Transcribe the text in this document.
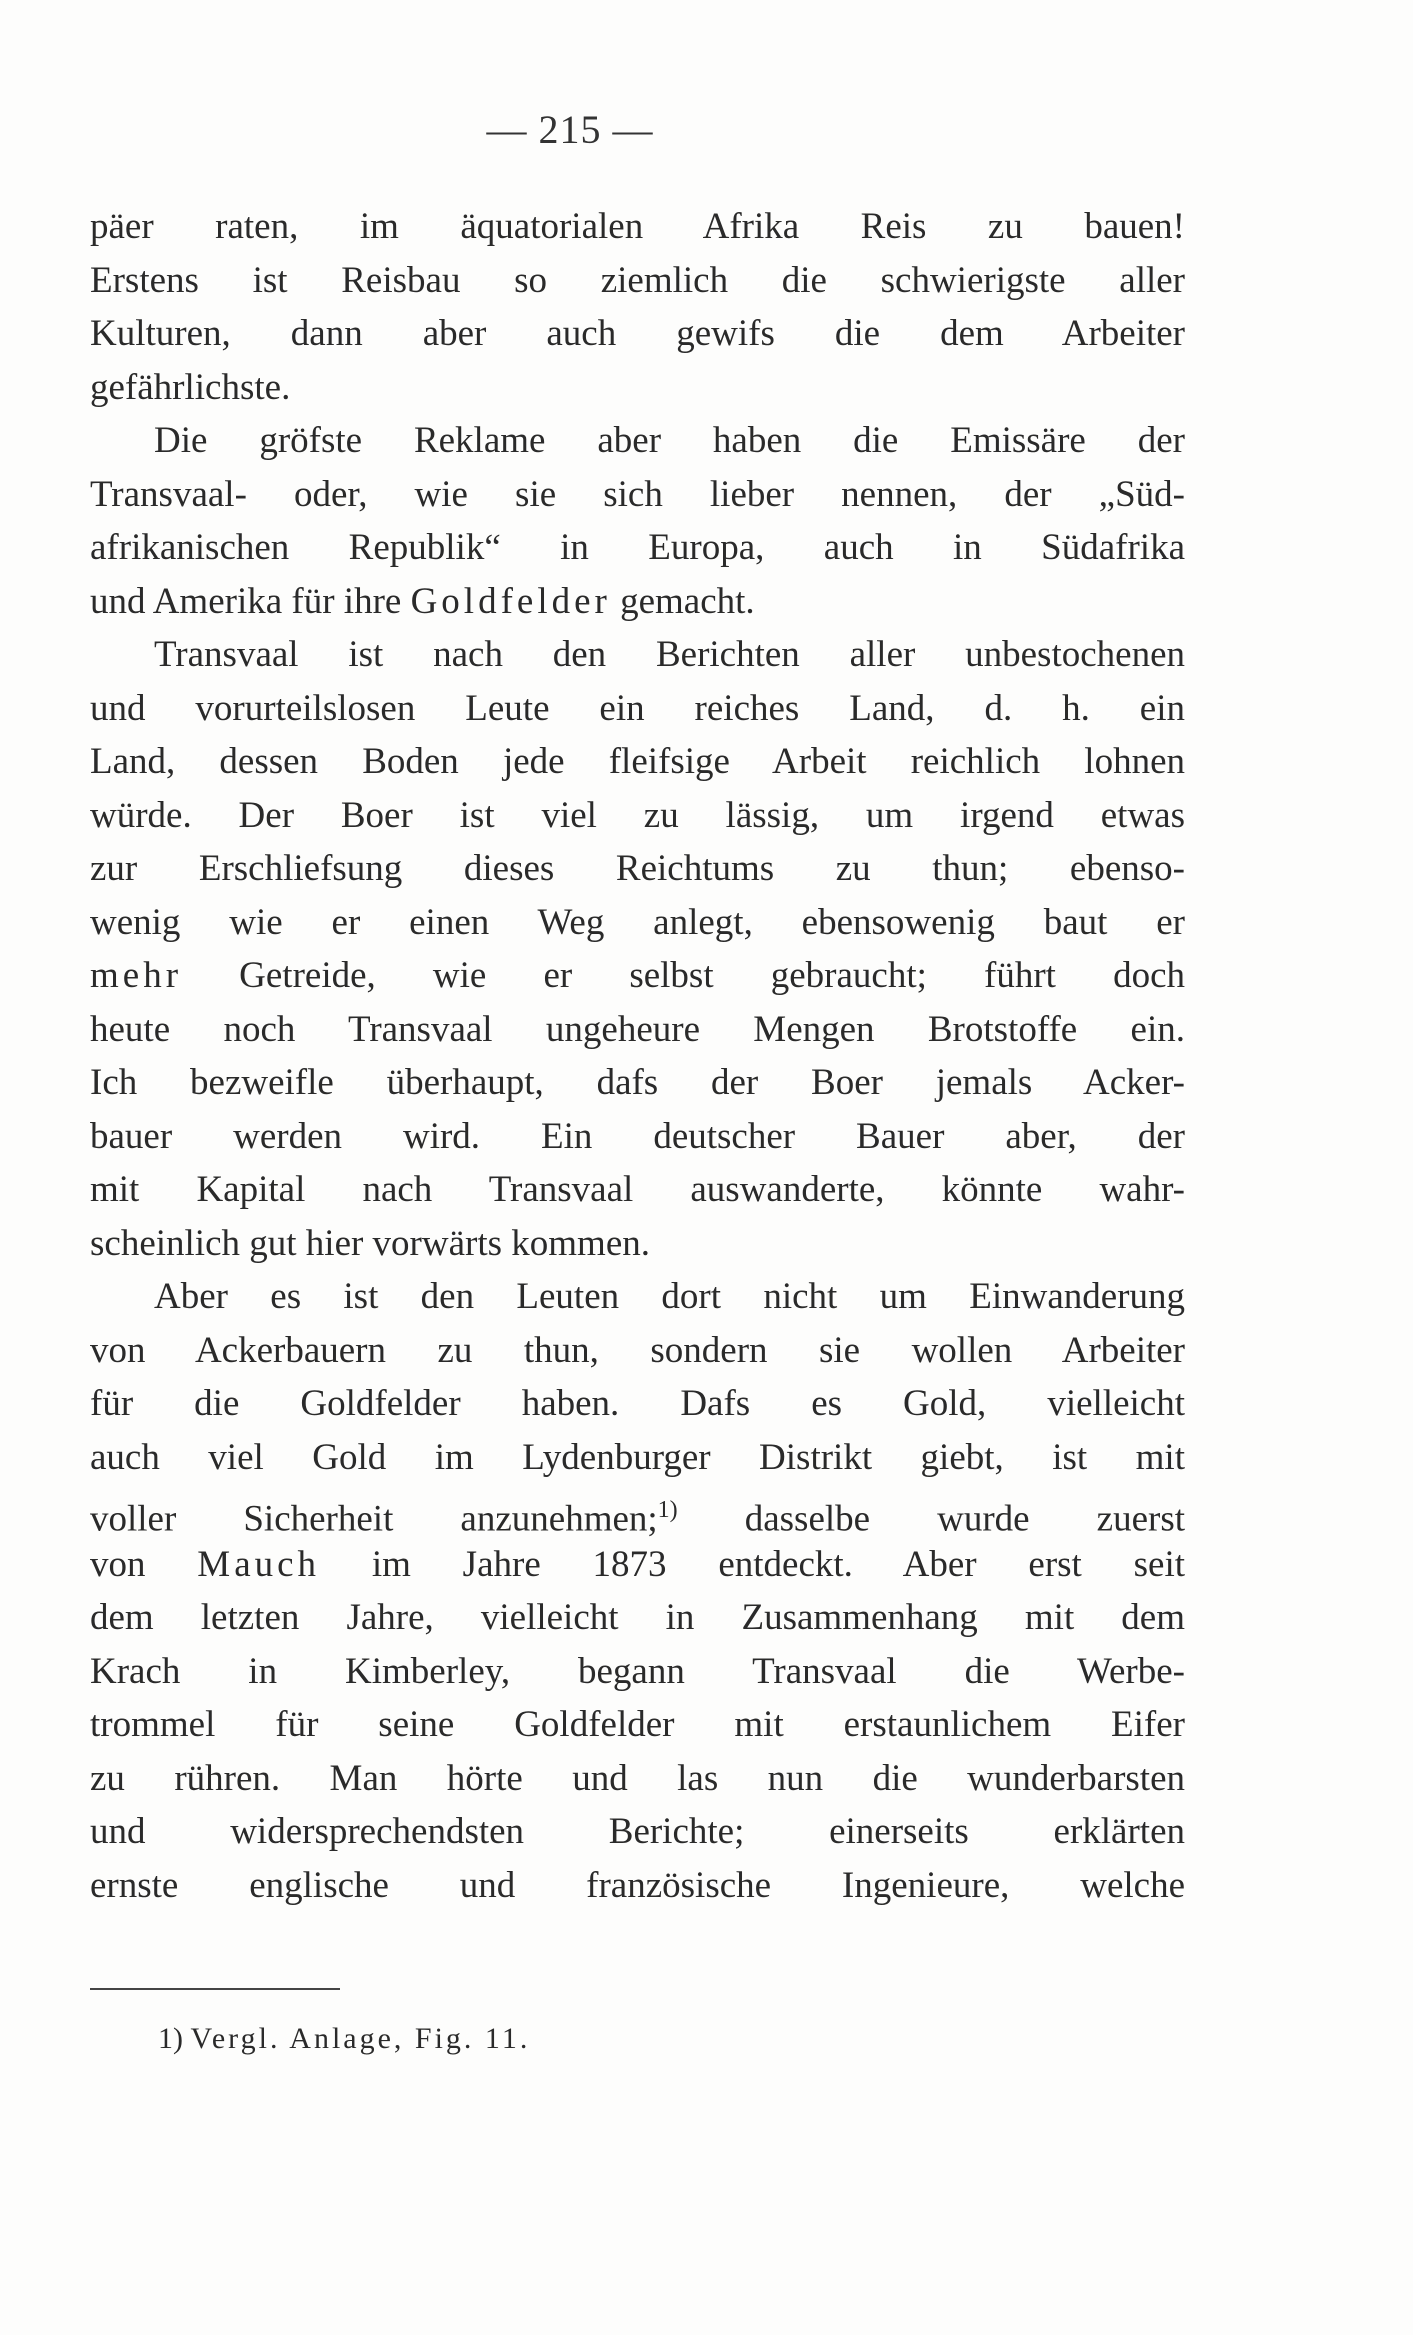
— 215 —
päer raten, im äquatorialen Afrika Reis zu bauen!
Erstens ist Reisbau so ziemlich die schwierigste aller
Kulturen, dann aber auch gewifs die dem Arbeiter
gefährlichste.
Die gröfste Reklame aber haben die Emissäre der
Transvaal- oder, wie sie sich lieber nennen, der „Süd-
afrikanischen Republik“ in Europa, auch in Südafrika
und Amerika für ihre Goldfelder gemacht.
Transvaal ist nach den Berichten aller unbestochenen
und vorurteilslosen Leute ein reiches Land, d. h. ein
Land, dessen Boden jede fleifsige Arbeit reichlich lohnen
würde. Der Boer ist viel zu lässig, um irgend etwas
zur Erschliefsung dieses Reichtums zu thun; ebenso-
wenig wie er einen Weg anlegt, ebensowenig baut er
mehr Getreide, wie er selbst gebraucht; führt doch
heute noch Transvaal ungeheure Mengen Brotstoffe ein.
Ich bezweifle überhaupt, dafs der Boer jemals Acker-
bauer werden wird. Ein deutscher Bauer aber, der
mit Kapital nach Transvaal auswanderte, könnte wahr-
scheinlich gut hier vorwärts kommen.
Aber es ist den Leuten dort nicht um Einwanderung
von Ackerbauern zu thun, sondern sie wollen Arbeiter
für die Goldfelder haben. Dafs es Gold, vielleicht
auch viel Gold im Lydenburger Distrikt giebt, ist mit
voller Sicherheit anzunehmen;$^{1)}$ dasselbe wurde zuerst
von Mauch im Jahre 1873 entdeckt. Aber erst seit
dem letzten Jahre, vielleicht in Zusammenhang mit dem
Krach in Kimberley, begann Transvaal die Werbe-
trommel für seine Goldfelder mit erstaunlichem Eifer
zu rühren. Man hörte und las nun die wunderbarsten
und widersprechendsten Berichte; einerseits erklärten
ernste englische und französische Ingenieure, welche
1) Vergl. Anlage, Fig. 11.
